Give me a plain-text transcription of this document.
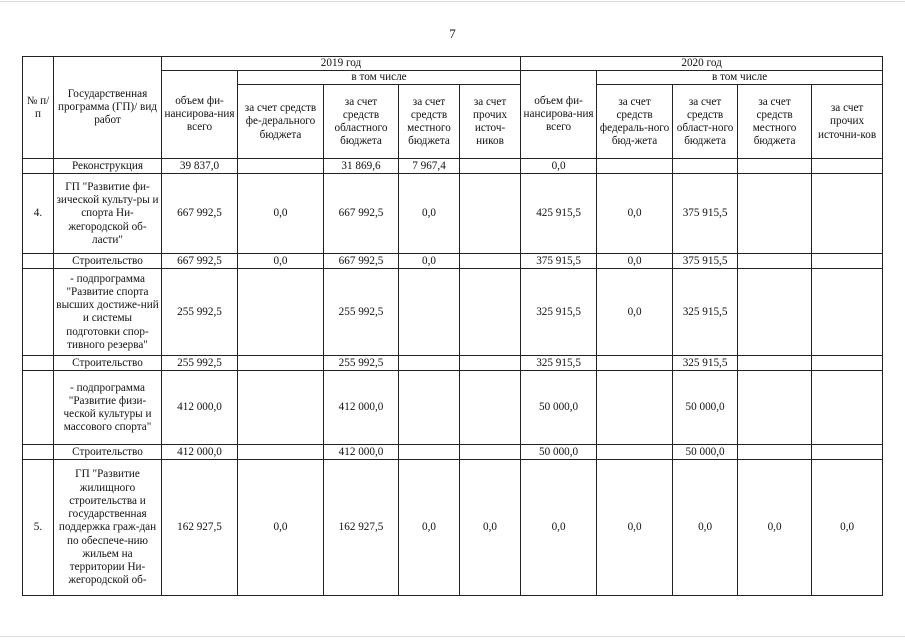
7
№ п/п	Государственная программа (ГП)/ вид работ	2019 год					2020 год				
		объем фи-нансирова-ния всего	в том числе				объем фи-нансирова-ния всего	в том числе			
			за счет средств фе-дерального бюджета	за счет средств областного бюджета	за счет средств местного бюджета	за счет прочих источ-ников		за счет средств федераль-ного бюд-жета	за счет средств област-ного бюджета	за счет средств местного бюджета	за счет прочих источни-ков
	Реконструкция	39 837,0		31 869,6	7 967,4		0,0				
4.	ГП "Развитие фи-зической культу-ры и спорта Ни-жегородской об-ласти"	667 992,5	0,0	667 992,5	0,0		425 915,5	0,0	375 915,5		
	Строительство	667 992,5	0,0	667 992,5	0,0		375 915,5	0,0	375 915,5		
	- подпрограмма "Развитие спорта высших достиже-ний и системы подготовки спор-тивного резерва"	255 992,5		255 992,5			325 915,5	0,0	325 915,5		
	Строительство	255 992,5		255 992,5			325 915,5		325 915,5		
	- подпрограмма "Развитие физи-ческой культуры и массового спорта"	412 000,0		412 000,0			50 000,0		50 000,0		
	Строительство	412 000,0		412 000,0			50 000,0		50 000,0		
5.	ГП "Развитие жилищного строительства и государственная поддержка граж-дан по обеспече-нию жильем на территории Ни-жегородской об-	162 927,5	0,0	162 927,5	0,0	0,0	0,0	0,0	0,0	0,0	0,0
